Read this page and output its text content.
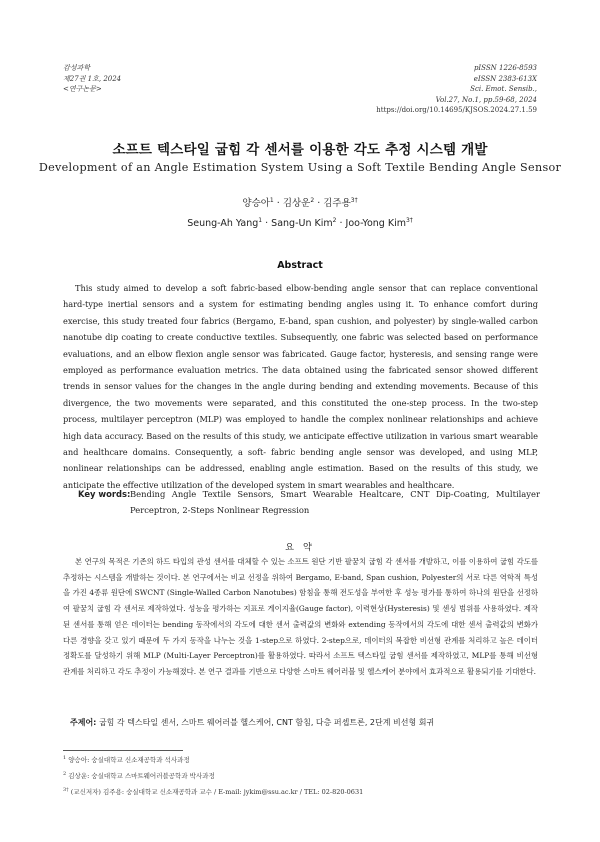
감성과학
제27권 1호, 2024
<연구논문>
pISSN 1226-8593
eISSN 2383-613X
Sci. Emot. Sensib.,
Vol.27, No.1, pp.59-68, 2024
https://doi.org/10.14695/KJSOS.2024.27.1.59
소프트 텍스타일 굽힘 각 센서를 이용한 각도 추정 시스템 개발
Development of an Angle Estimation System Using a Soft Textile Bending Angle Sensor
양승아$^1$ · 김상운$^2$ · 김주용$^{3\dagger}$
Seung-Ah Yang$^1$ · Sang-Un Kim$^2$ · Joo-Yong Kim$^{3\dagger}$
Abstract

This study aimed to develop a soft fabric-based elbow-bending angle sensor that can replace conventional hard-type inertial sensors and a system for estimating bending angles using it. To enhance comfort during exercise, this study treated four fabrics (Bergamo, E-band, span cushion, and polyester) by single-walled carbon nanotube dip coating to create conductive textiles. Subsequently, one fabric was selected based on performance evaluations, and an elbow flexion angle sensor was fabricated. Gauge factor, hysteresis, and sensing range were employed as performance evaluation metrics. The data obtained using the fabricated sensor showed different trends in sensor values for the changes in the angle during bending and extending movements. Because of this divergence, the two movements were separated, and this constituted the one-step process. In the two-step process, multilayer perceptron (MLP) was employed to handle the complex nonlinear relationships and achieve high data accuracy. Based on the results of this study, we anticipate effective utilization in various smart wearable and healthcare domains. Consequently, a soft- fabric bending angle sensor was developed, and using MLP, nonlinear relationships can be addressed, enabling angle estimation. Based on the results of this study, we anticipate the effective utilization of the developed system in smart wearables and healthcare.

Key words: Bending Angle Textile Sensors, Smart Wearable Healtcare, CNT Dip-Coating, Multilayer Perceptron, 2-Steps Nonlinear Regression
요 약

본 연구의 목적은 기존의 하드 타입의 관성 센서를 대체할 수 있는 소프트 원단 기반 팔꿈치 굽힘 각 센서를 개발하고, 이를 이용하여 굽힘 각도를 추정하는 시스템을 개발하는 것이다. 본 연구에서는 비교 선정을 위하여 Bergamo, E-band, Span cushion, Polyester의 서로 다른 역학적 특성을 가진 4종류 원단에 SWCNT (Single-Walled Carbon Nanotubes) 함침을 통해 전도성을 부여한 후 성능 평가를 통하여 하나의 원단을 선정하여 팔꿈치 굽힘 각 센서로 제작하였다. 성능을 평가하는 지표로 게이지율(Gauge factor), 이력현상(Hysteresis) 및 센싱 범위를 사용하였다. 제작된 센서를 통해 얻은 데이터는 bending 동작에서의 각도에 대한 센서 출력값의 변화와 extending 동작에서의 각도에 대한 센서 출력값의 변화가 다른 경향을 갖고 있기 때문에 두 가지 동작을 나누는 것을 1-step으로 하였다. 2-step으로, 데이터의 복잡한 비선형 관계를 처리하고 높은 데이터 정확도를 달성하기 위해 MLP (Multi-Layer Perceptron)를 활용하였다. 따라서 소프트 텍스타일 굽힘 센서를 제작하였고, MLP를 통해 비선형 관계를 처리하고 각도 추정이 가능해졌다. 본 연구 결과를 기반으로 다양한 스마트 웨어러블 및 헬스케어 분야에서 효과적으로 활용되기를 기대한다.

주제어: 굽힘 각 텍스타일 센서, 스마트 웨어러블 헬스케어, CNT 함침, 다층 퍼셉트론, 2단계 비선형 회귀
$^1$ 양승아: 숭실대학교 신소재공학과 석사과정
$^2$ 김상운: 숭실대학교 스마트웨어러블공학과 박사과정
$^{3\dagger}$ (교신저자) 김주용: 숭실대학교 신소재공학과 교수 / E-mail: jykim@ssu.ac.kr / TEL: 02-820-0631
